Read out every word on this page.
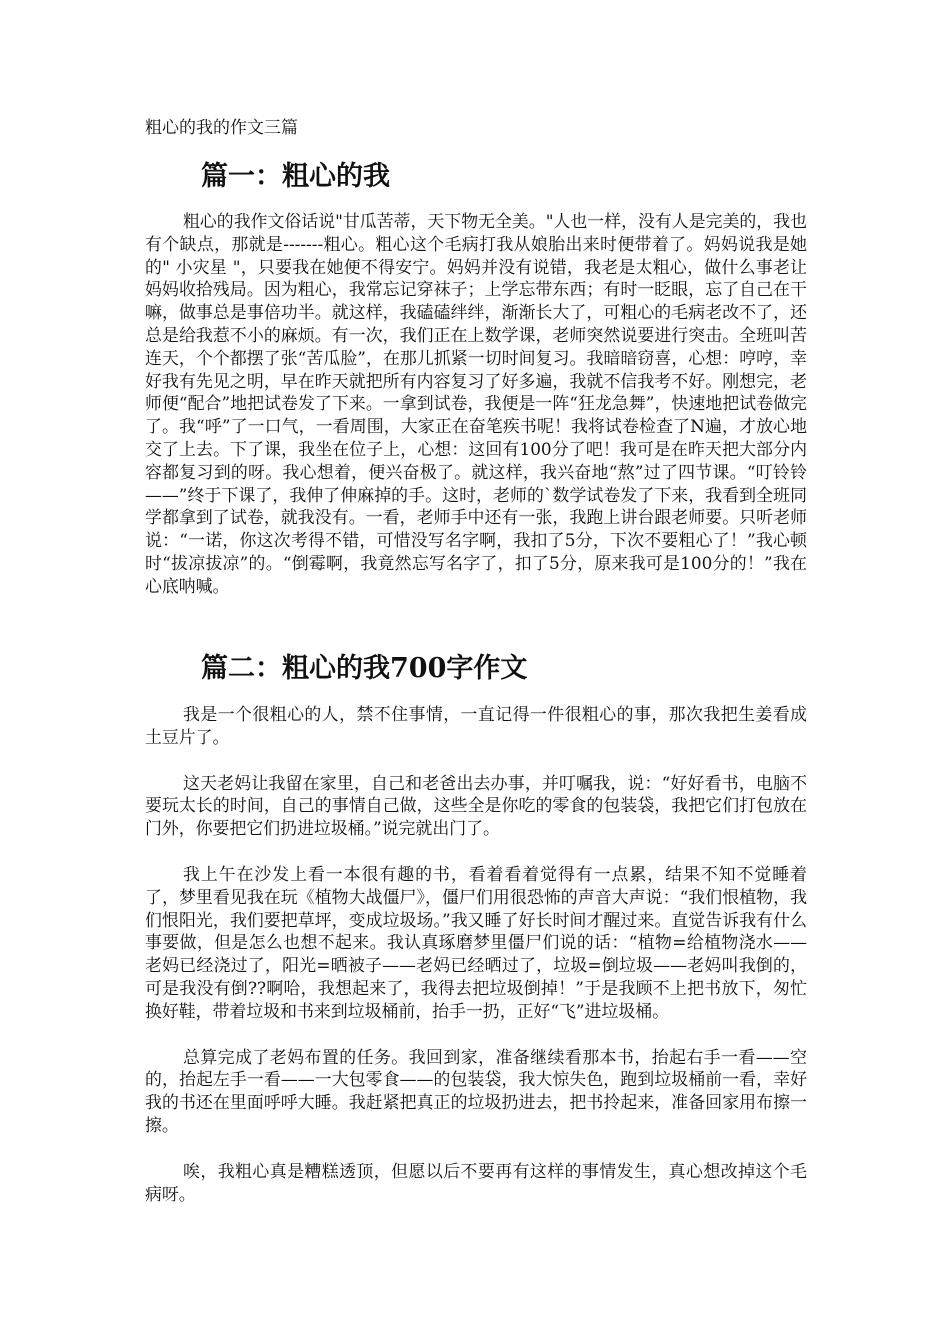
粗心的我的作文三篇
篇一：粗心的我

粗心的我作文俗话说"甘瓜苦蒂，天下物无全美。"人也一样，没有人是完美的，我也有个缺点，那就是-------粗心。粗心这个毛病打我从娘胎出来时便带着了。妈妈说我是她的" 小灾星 "，只要我在她便不得安宁。妈妈并没有说错，我老是太粗心，做什么事老让妈妈收拾残局。因为粗心，我常忘记穿袜子；上学忘带东西；有时一眨眼，忘了自己在干嘛，做事总是事倍功半。就这样，我磕磕绊绊，渐渐长大了，可粗心的毛病老改不了，还总是给我惹不小的麻烦。有一次，我们正在上数学课，老师突然说要进行突击。全班叫苦连天，个个都摆了张“苦瓜脸”，在那儿抓紧一切时间复习。我暗暗窃喜，心想：哼哼，幸好我有先见之明，早在昨天就把所有内容复习了好多遍，我就不信我考不好。刚想完，老师便“配合”地把试卷发了下来。一拿到试卷，我便是一阵“狂龙急舞”，快速地把试卷做完了。我“呼”了一口气，一看周围，大家正在奋笔疾书呢！我将试卷检查了N遍，才放心地交了上去。下了课，我坐在位子上，心想：这回有100分了吧！我可是在昨天把大部分内容都复习到的呀。我心想着，便兴奋极了。就这样，我兴奋地“熬”过了四节课。“叮铃铃——”终于下课了，我伸了伸麻掉的手。这时，老师的`数学试卷发了下来，我看到全班同学都拿到了试卷，就我没有。一看，老师手中还有一张，我跑上讲台跟老师要。只听老师说：“一诺，你这次考得不错，可惜没写名字啊，我扣了5分，下次不要粗心了！”我心顿时“拔凉拔凉”的。“倒霉啊，我竟然忘写名字了，扣了5分，原来我可是100分的！”我在心底呐喊。

篇二：粗心的我700字作文

我是一个很粗心的人，禁不住事情，一直记得一件很粗心的事，那次我把生姜看成土豆片了。

这天老妈让我留在家里，自己和老爸出去办事，并叮嘱我，说：“好好看书，电脑不要玩太长的时间，自己的事情自己做，这些全是你吃的零食的包装袋，我把它们打包放在门外，你要把它们扔进垃圾桶。”说完就出门了。

我上午在沙发上看一本很有趣的书，看着看着觉得有一点累，结果不知不觉睡着了，梦里看见我在玩《植物大战僵尸》，僵尸们用很恐怖的声音大声说：“我们恨植物，我们恨阳光，我们要把草坪，变成垃圾场。”我又睡了好长时间才醒过来。直觉告诉我有什么事要做，但是怎么也想不起来。我认真琢磨梦里僵尸们说的话：“植物=给植物浇水——老妈已经浇过了，阳光=晒被子——老妈已经晒过了，垃圾=倒垃圾——老妈叫我倒的，可是我没有倒??啊哈，我想起来了，我得去把垃圾倒掉！”于是我顾不上把书放下，匆忙换好鞋，带着垃圾和书来到垃圾桶前，抬手一扔，正好“飞”进垃圾桶。

总算完成了老妈布置的任务。我回到家，准备继续看那本书，抬起右手一看——空的，抬起左手一看——一大包零食——的包装袋，我大惊失色，跑到垃圾桶前一看，幸好我的书还在里面呼呼大睡。我赶紧把真正的垃圾扔进去，把书拎起来，准备回家用布擦一擦。

唉，我粗心真是糟糕透顶，但愿以后不要再有这样的事情发生，真心想改掉这个毛病呀。
